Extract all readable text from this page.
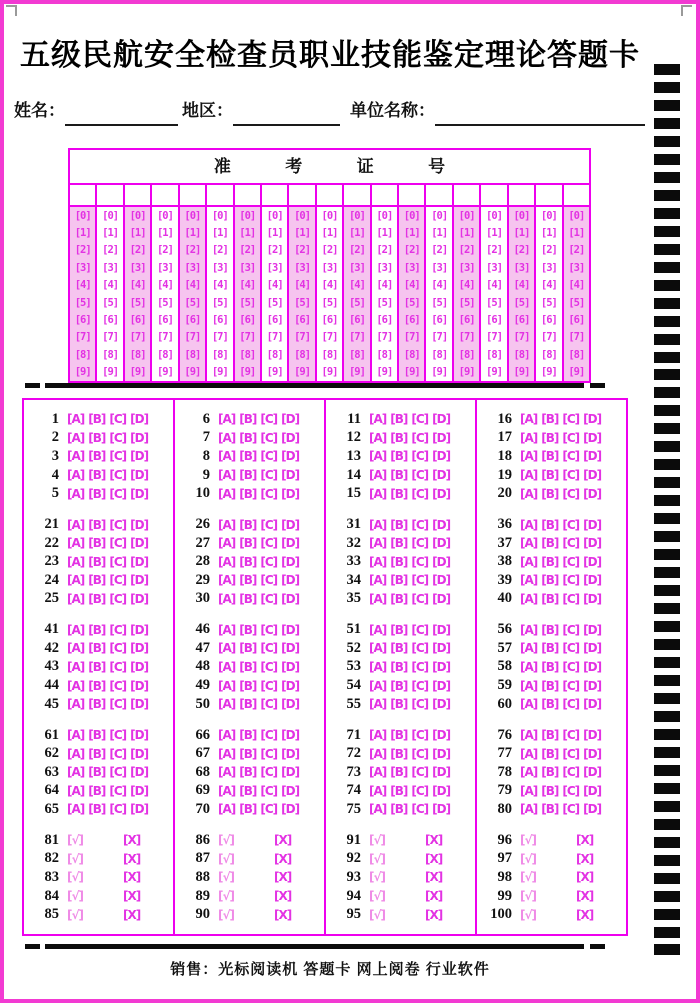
五级民航安全检查员职业技能鉴定理论答题卡
姓名：	地区：	单位名称：
准考证号
[0]	[0]	[0]	[0]	[0]	[0]	[0]	[0]	[0]	[0]	[0]	[0]	[0]	[0]	[0]	[0]	[0]	[0]	[0]
[1]	[1]	[1]	[1]	[1]	[1]	[1]	[1]	[1]	[1]	[1]	[1]	[1]	[1]	[1]	[1]	[1]	[1]	[1]
[2]	[2]	[2]	[2]	[2]	[2]	[2]	[2]	[2]	[2]	[2]	[2]	[2]	[2]	[2]	[2]	[2]	[2]	[2]
[3]	[3]	[3]	[3]	[3]	[3]	[3]	[3]	[3]	[3]	[3]	[3]	[3]	[3]	[3]	[3]	[3]	[3]	[3]
[4]	[4]	[4]	[4]	[4]	[4]	[4]	[4]	[4]	[4]	[4]	[4]	[4]	[4]	[4]	[4]	[4]	[4]	[4]
[5]	[5]	[5]	[5]	[5]	[5]	[5]	[5]	[5]	[5]	[5]	[5]	[5]	[5]	[5]	[5]	[5]	[5]	[5]
[6]	[6]	[6]	[6]	[6]	[6]	[6]	[6]	[6]	[6]	[6]	[6]	[6]	[6]	[6]	[6]	[6]	[6]	[6]
[7]	[7]	[7]	[7]	[7]	[7]	[7]	[7]	[7]	[7]	[7]	[7]	[7]	[7]	[7]	[7]	[7]	[7]	[7]
[8]	[8]	[8]	[8]	[8]	[8]	[8]	[8]	[8]	[8]	[8]	[8]	[8]	[8]	[8]	[8]	[8]	[8]	[8]
[9]	[9]	[9]	[9]	[9]	[9]	[9]	[9]	[9]	[9]	[9]	[9]	[9]	[9]	[9]	[9]	[9]	[9]	[9]
1 [A] [B] [C] [D]
2 [A] [B] [C] [D]
3 [A] [B] [C] [D]
4 [A] [B] [C] [D]
5 [A] [B] [C] [D]
21 [A] [B] [C] [D]
22 [A] [B] [C] [D]
23 [A] [B] [C] [D]
24 [A] [B] [C] [D]
25 [A] [B] [C] [D]
41 [A] [B] [C] [D]
42 [A] [B] [C] [D]
43 [A] [B] [C] [D]
44 [A] [B] [C] [D]
45 [A] [B] [C] [D]
61 [A] [B] [C] [D]
62 [A] [B] [C] [D]
63 [A] [B] [C] [D]
64 [A] [B] [C] [D]
65 [A] [B] [C] [D]
81 [√]	[X]
82 [√]	[X]
83 [√]	[X]
84 [√]	[X]
85 [√]	[X]
6 [A] [B] [C] [D]
7 [A] [B] [C] [D]
8 [A] [B] [C] [D]
9 [A] [B] [C] [D]
10 [A] [B] [C] [D]
26 [A] [B] [C] [D]
27 [A] [B] [C] [D]
28 [A] [B] [C] [D]
29 [A] [B] [C] [D]
30 [A] [B] [C] [D]
46 [A] [B] [C] [D]
47 [A] [B] [C] [D]
48 [A] [B] [C] [D]
49 [A] [B] [C] [D]
50 [A] [B] [C] [D]
66 [A] [B] [C] [D]
67 [A] [B] [C] [D]
68 [A] [B] [C] [D]
69 [A] [B] [C] [D]
70 [A] [B] [C] [D]
86 [√]	[X]
87 [√]	[X]
88 [√]	[X]
89 [√]	[X]
90 [√]	[X]
11 [A] [B] [C] [D]
12 [A] [B] [C] [D]
13 [A] [B] [C] [D]
14 [A] [B] [C] [D]
15 [A] [B] [C] [D]
31 [A] [B] [C] [D]
32 [A] [B] [C] [D]
33 [A] [B] [C] [D]
34 [A] [B] [C] [D]
35 [A] [B] [C] [D]
51 [A] [B] [C] [D]
52 [A] [B] [C] [D]
53 [A] [B] [C] [D]
54 [A] [B] [C] [D]
55 [A] [B] [C] [D]
71 [A] [B] [C] [D]
72 [A] [B] [C] [D]
73 [A] [B] [C] [D]
74 [A] [B] [C] [D]
75 [A] [B] [C] [D]
91 [√]	[X]
92 [√]	[X]
93 [√]	[X]
94 [√]	[X]
95 [√]	[X]
16 [A] [B] [C] [D]
17 [A] [B] [C] [D]
18 [A] [B] [C] [D]
19 [A] [B] [C] [D]
20 [A] [B] [C] [D]
36 [A] [B] [C] [D]
37 [A] [B] [C] [D]
38 [A] [B] [C] [D]
39 [A] [B] [C] [D]
40 [A] [B] [C] [D]
56 [A] [B] [C] [D]
57 [A] [B] [C] [D]
58 [A] [B] [C] [D]
59 [A] [B] [C] [D]
60 [A] [B] [C] [D]
76 [A] [B] [C] [D]
77 [A] [B] [C] [D]
78 [A] [B] [C] [D]
79 [A] [B] [C] [D]
80 [A] [B] [C] [D]
96 [√]	[X]
97 [√]	[X]
98 [√]	[X]
99 [√]	[X]
100 [√]	[X]
销售：光标阅读机 答题卡 网上阅卷 行业软件
